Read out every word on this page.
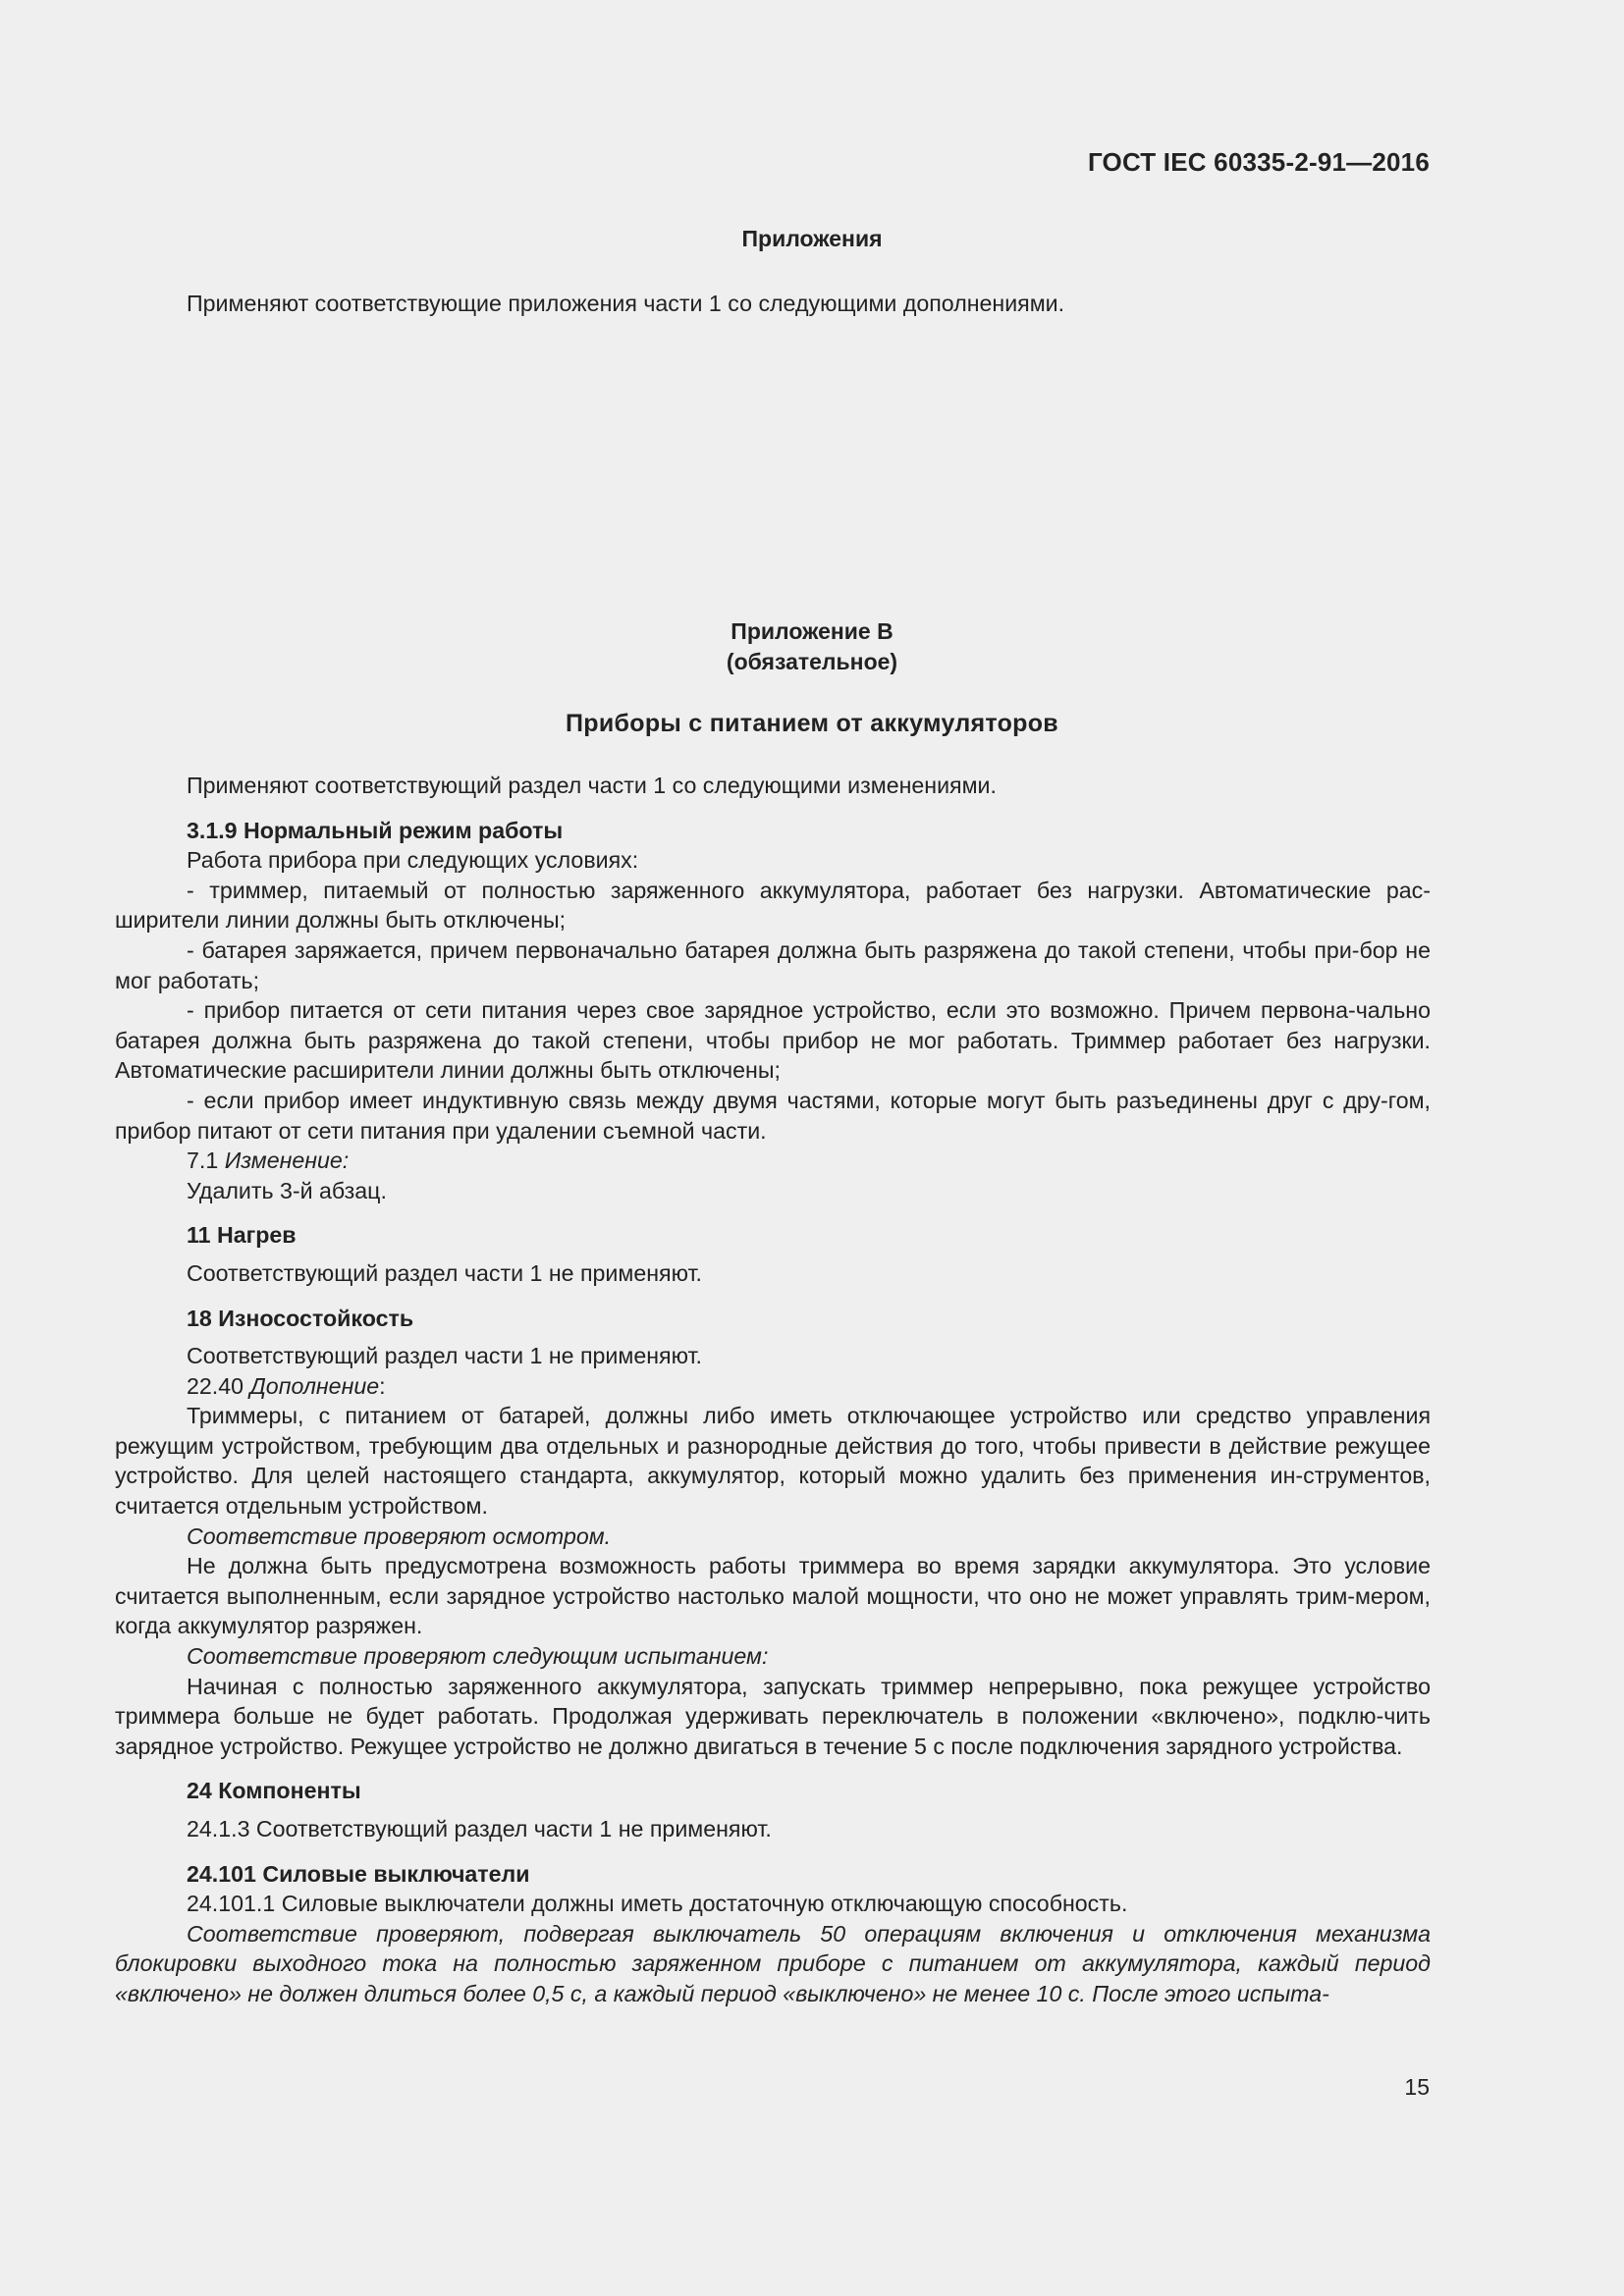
ГОСТ IEC 60335-2-91—2016
Приложения

Применяют соответствующие приложения части 1 со следующими дополнениями.

Приложение В
(обязательное)
Приборы с питанием от аккумуляторов

Применяют соответствующий раздел части 1 со следующими изменениями.

3.1.9 Нормальный режим работы

Работа прибора при следующих условиях:

- триммер, питаемый от полностью заряженного аккумулятора, работает без нагрузки. Автоматические рас-ширители линии должны быть отключены;

- батарея заряжается, причем первоначально батарея должна быть разряжена до такой степени, чтобы при-бор не мог работать;

- прибор питается от сети питания через свое зарядное устройство, если это возможно. Причем первона-чально батарея должна быть разряжена до такой степени, чтобы прибор не мог работать. Триммер работает без нагрузки. Автоматические расширители линии должны быть отключены;

- если прибор имеет индуктивную связь между двумя частями, которые могут быть разъединены друг с дру-гом, прибор питают от сети питания при удалении съемной части.

7.1 Изменение:

Удалить 3-й абзац.

11 Нагрев

Соответствующий раздел части 1 не применяют.

18 Износостойкость

Соответствующий раздел части 1 не применяют.

22.40 Дополнение:

Триммеры, с питанием от батарей, должны либо иметь отключающее устройство или средство управления режущим устройством, требующим два отдельных и разнородные действия до того, чтобы привести в действие режущее устройство. Для целей настоящего стандарта, аккумулятор, который можно удалить без применения ин-струментов, считается отдельным устройством.

Соответствие проверяют осмотром.

Не должна быть предусмотрена возможность работы триммера во время зарядки аккумулятора. Это условие считается выполненным, если зарядное устройство настолько малой мощности, что оно не может управлять трим-мером, когда аккумулятор разряжен.

Соответствие проверяют следующим испытанием:

Начиная с полностью заряженного аккумулятора, запускать триммер непрерывно, пока режущее устройство триммера больше не будет работать. Продолжая удерживать переключатель в положении «включено», подклю-чить зарядное устройство. Режущее устройство не должно двигаться в течение 5 с после подключения зарядного устройства.

24 Компоненты

24.1.3 Соответствующий раздел части 1 не применяют.

24.101 Силовые выключатели

24.101.1 Силовые выключатели должны иметь достаточную отключающую способность.

Соответствие проверяют, подвергая выключатель 50 операциям включения и отключения механизма блокировки выходного тока на полностью заряженном приборе с питанием от аккумулятора, каждый период «включено» не должен длиться более 0,5 с, а каждый период «выключено» не менее 10 с. После этого испыта-

15
